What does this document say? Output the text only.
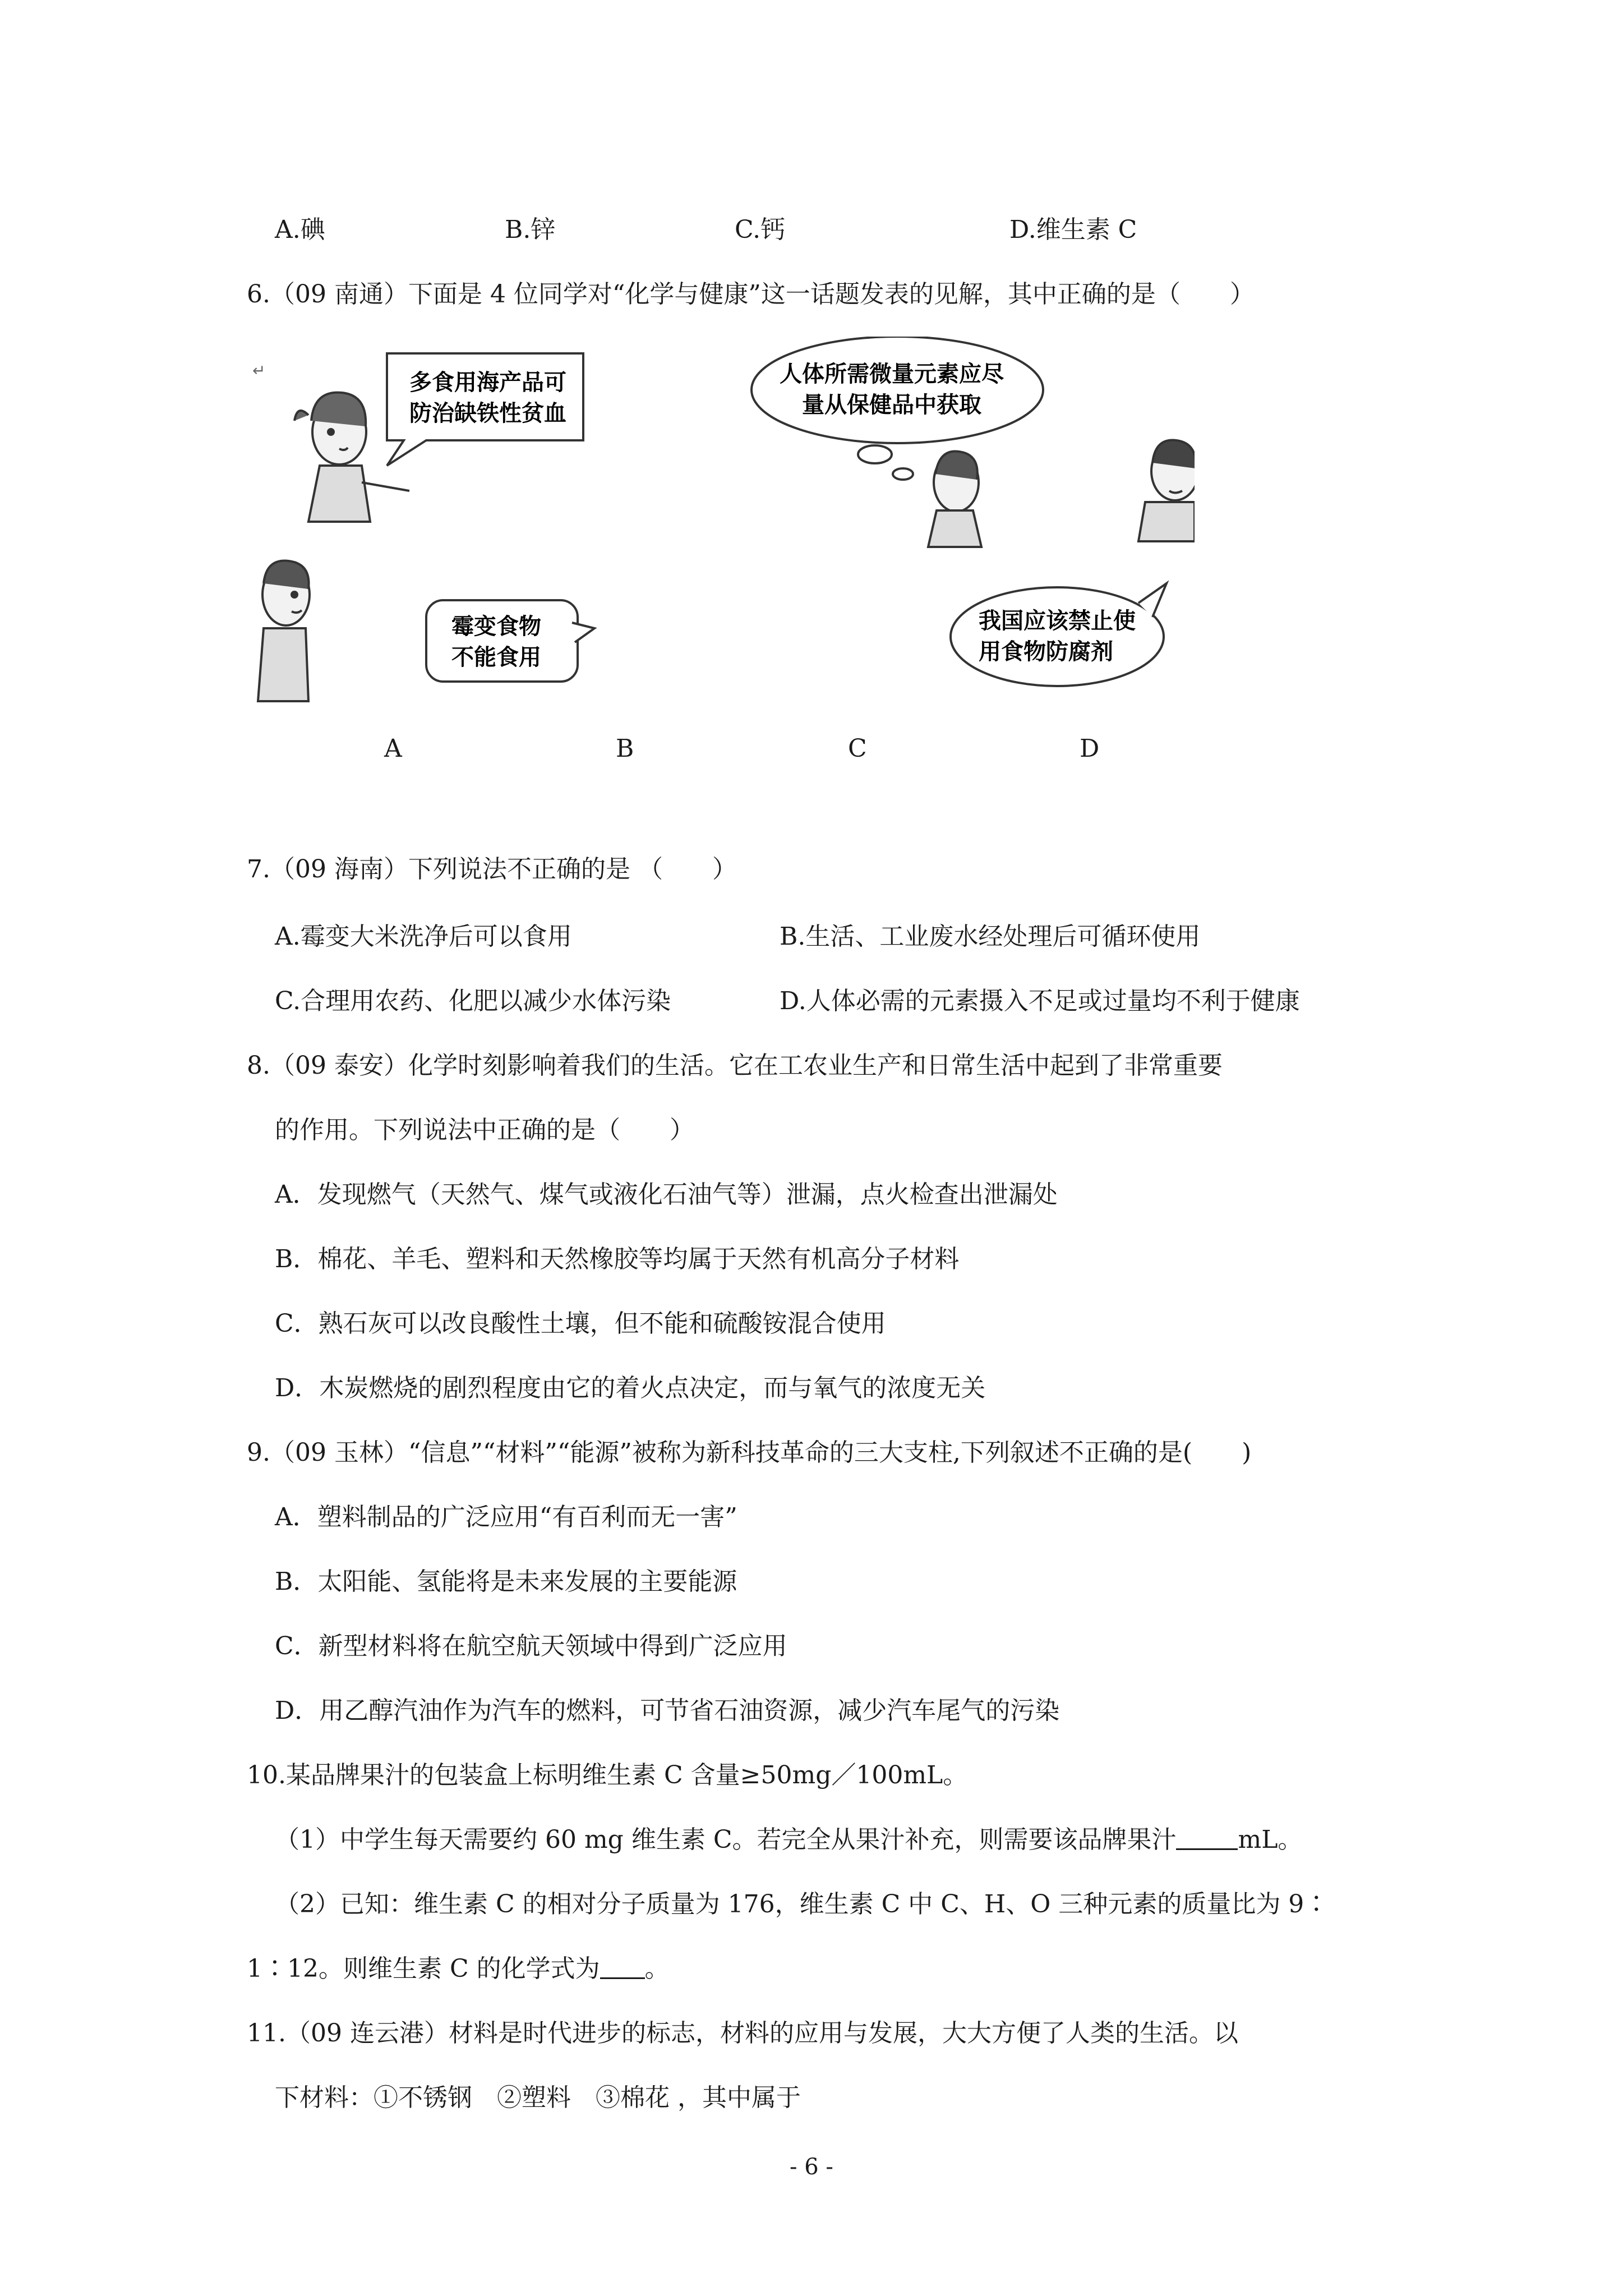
A.碘	B.锌	C.钙	D.维生素 C
6.（09 南通）下面是 4 位同学对“化学与健康”这一话题发表的见解，其中正确的是（　　）
↵	多食用海产品可
防治缺铁性贫血
霉变食物
不能食用
人体所需微量元素应尽
量从保健品中获取
我国应该禁止使
用食物防腐剂
A	B	C	D
7.（09 海南）下列说法不正确的是 （　　）
A.霉变大米洗净后可以食用	B.生活、工业废水经处理后可循环使用
C.合理用农药、化肥以减少水体污染	D.人体必需的元素摄入不足或过量均不利于健康
8.（09 泰安）化学时刻影响着我们的生活。它在工农业生产和日常生活中起到了非常重要
的作用。下列说法中正确的是（　　）
A．发现燃气（天然气、煤气或液化石油气等）泄漏，点火检查出泄漏处
B．棉花、羊毛、塑料和天然橡胶等均属于天然有机高分子材料
C．熟石灰可以改良酸性土壤，但不能和硫酸铵混合使用
D．木炭燃烧的剧烈程度由它的着火点决定，而与氧气的浓度无关
9.（09 玉林）“信息”“材料”“能源”被称为新科技革命的三大支柱,下列叙述不正确的是(　　)
A．塑料制品的广泛应用“有百利而无一害”
B．太阳能、氢能将是未来发展的主要能源
C．新型材料将在航空航天领域中得到广泛应用
D．用乙醇汽油作为汽车的燃料，可节省石油资源，减少汽车尾气的污染
10.某品牌果汁的包装盒上标明维生素 C 含量≥50mg／100mL。
（1）中学生每天需要约 60 mg 维生素 C。若完全从果汁补充，则需要该品牌果汁	mL。
（2）已知：维生素 C 的相对分子质量为 176，维生素 C 中 C、H、O 三种元素的质量比为 9∶
1∶12。则维生素 C 的化学式为 。
11.（09 连云港）材料是时代进步的标志，材料的应用与发展，大大方便了人类的生活。以
下材料：①不锈钢　②塑料　③棉花 ，其中属于
- 6 -
